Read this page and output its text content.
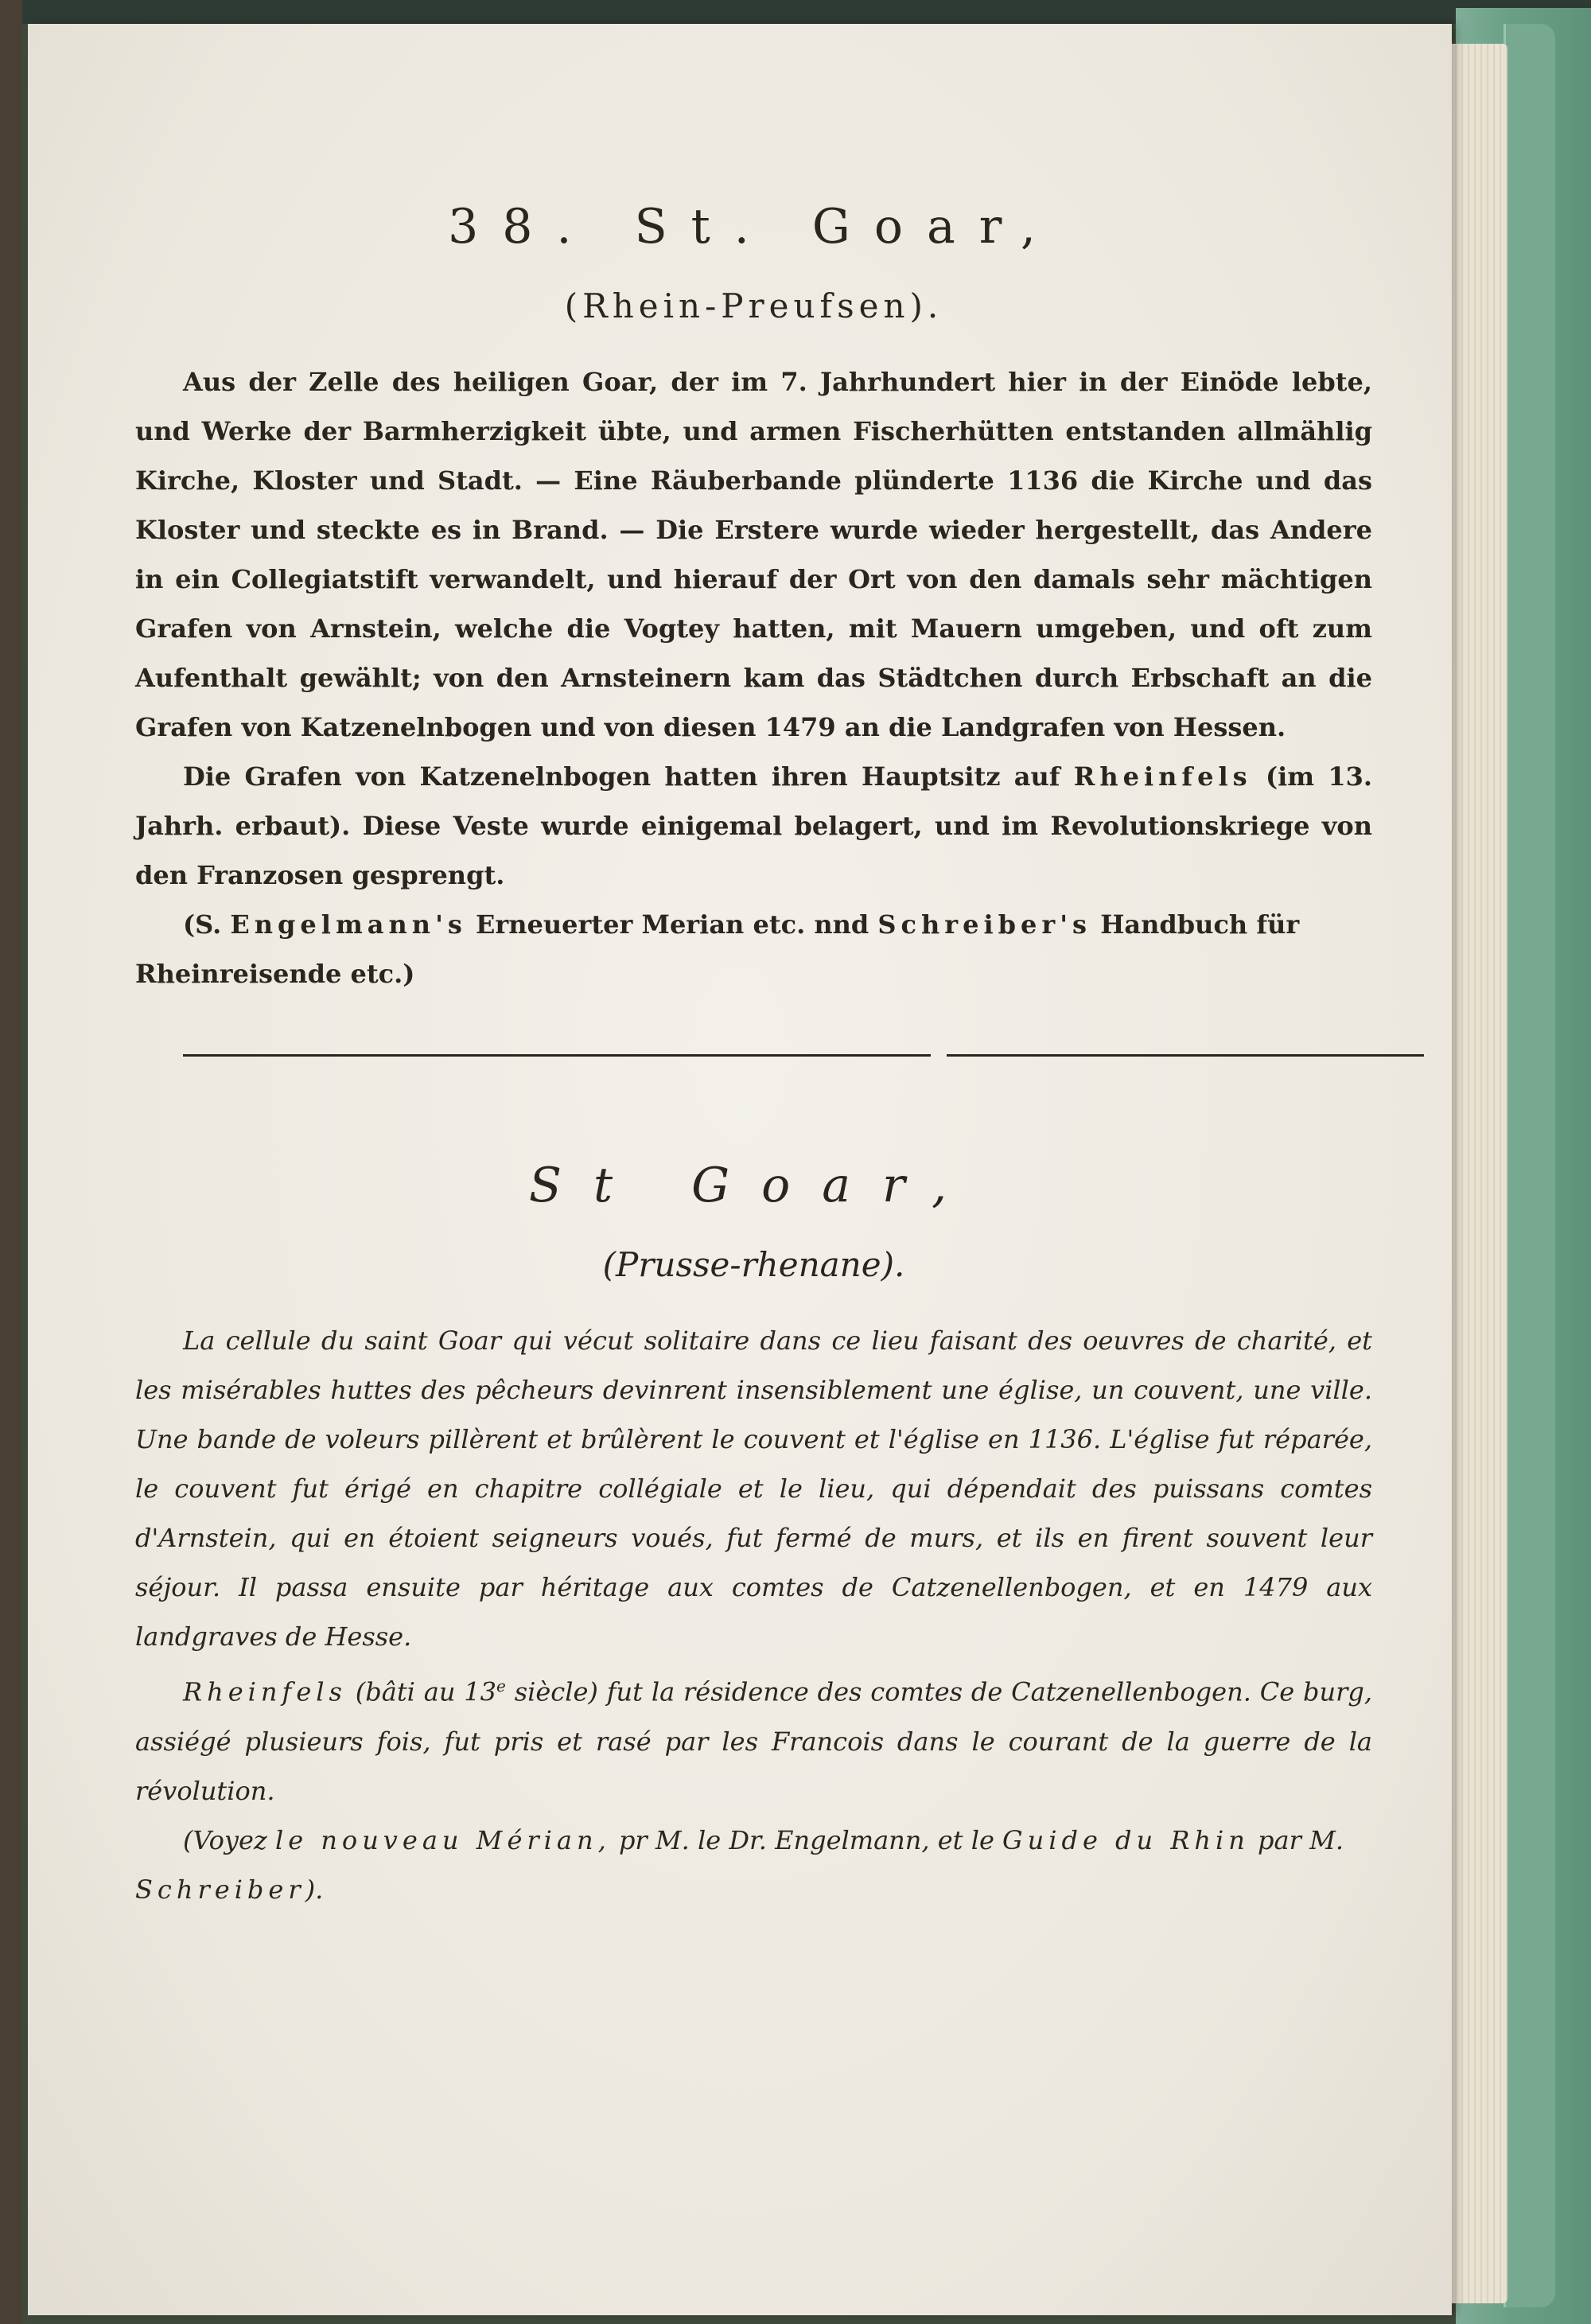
38. St. Goar,
(Rhein-Preufsen).

Aus der Zelle des heiligen Goar, der im 7. Jahrhundert hier in der Einöde lebte, und Werke der Barmherzigkeit übte, und armen Fischerhütten entstanden allmählig Kirche, Kloster und Stadt. — Eine Räuberbande plünderte 1136 die Kirche und das Kloster und steckte es in Brand. — Die Erstere wurde wieder hergestellt, das Andere in ein Collegiatstift verwandelt, und hierauf der Ort von den damals sehr mächtigen Grafen von Arnstein, welche die Vogtey hatten, mit Mauern umgeben, und oft zum Aufenthalt gewählt; von den Arnsteinern kam das Städtchen durch Erbschaft an die Grafen von Katzenelnbogen und von diesen 1479 an die Landgrafen von Hessen.

Die Grafen von Katzenelnbogen hatten ihren Hauptsitz auf Rheinfels (im 13. Jahrh. erbaut). Diese Veste wurde einigemal belagert, und im Revolutionskriege von den Franzosen gesprengt.

(S. Engelmann's Erneuerter Merian etc. nnd Schreiber's Handbuch für Rheinreisende etc.)

St Goar,
(Prusse-rhenane).

La cellule du saint Goar qui vécut solitaire dans ce lieu faisant des oeuvres de charité, et les misérables huttes des pêcheurs devinrent insensiblement une église, un couvent, une ville. Une bande de voleurs pillèrent et brûlèrent le couvent et l'église en 1136. L'église fut réparée, le couvent fut érigé en chapitre collégiale et le lieu, qui dépendait des puissans comtes d'Arnstein, qui en étoient seigneurs voués, fut fermé de murs, et ils en firent souvent leur séjour. Il passa ensuite par héritage aux comtes de Catzenellenbogen, et en 1479 aux landgraves de Hesse.

Rheinfels (bâti au 13e siècle) fut la résidence des comtes de Catzenellenbogen. Ce burg, assiégé plusieurs fois, fut pris et rasé par les Francois dans le courant de la guerre de la révolution.

(Voyez le nouveau Mérian, pr M. le Dr. Engelmann, et le Guide du Rhin par M. Schreiber).
